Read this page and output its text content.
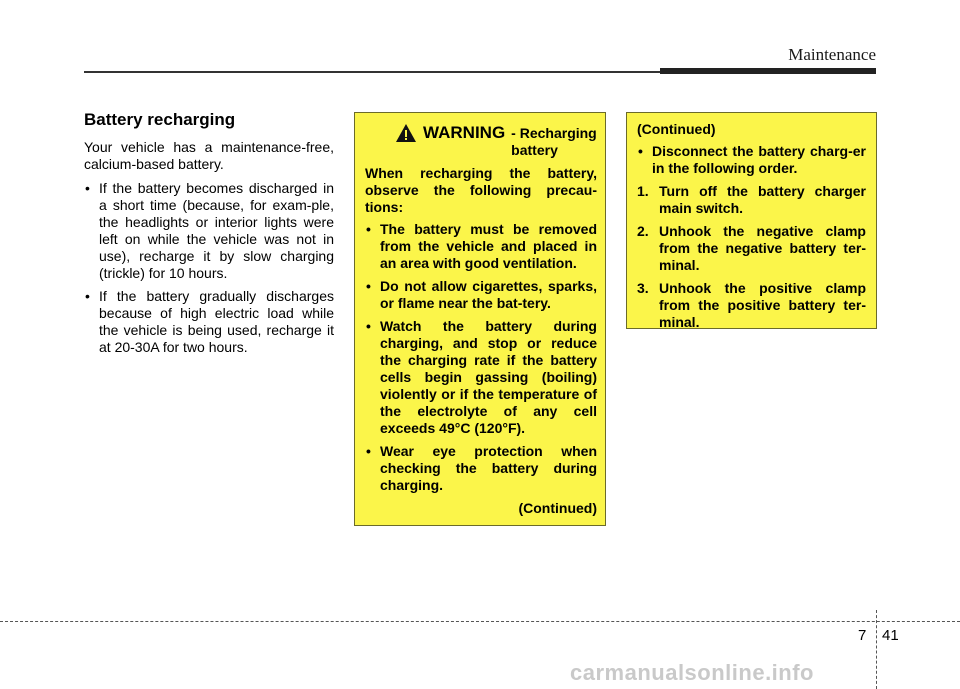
Maintenance
Battery recharging

Your vehicle has a maintenance-free, calcium-based battery.

• If the battery becomes discharged in a short time (because, for exam-ple, the headlights or interior lights were left on while the vehicle was not in use), recharge it by slow charging (trickle) for 10 hours.
• If the battery gradually discharges because of high electric load while the vehicle is being used, recharge it at 20-30A for two hours.
WARNING - Recharging battery

When recharging the battery, observe the following precau-tions:

• The battery must be removed from the vehicle and placed in an area with good ventilation.
• Do not allow cigarettes, sparks, or flame near the bat-tery.
• Watch the battery during charging, and stop or reduce the charging rate if the battery cells begin gassing (boiling) violently or if the temperature of the electrolyte of any cell exceeds 49°C (120°F).
• Wear eye protection when checking the battery during charging.
(Continued)

(Continued)

• Disconnect the battery charg-er in the following order.
1. Turn off the battery charger main switch.
2. Unhook the negative clamp from the negative battery ter-minal.
3. Unhook the positive clamp from the positive battery ter-minal.
7 41
carmanualsonline.info
